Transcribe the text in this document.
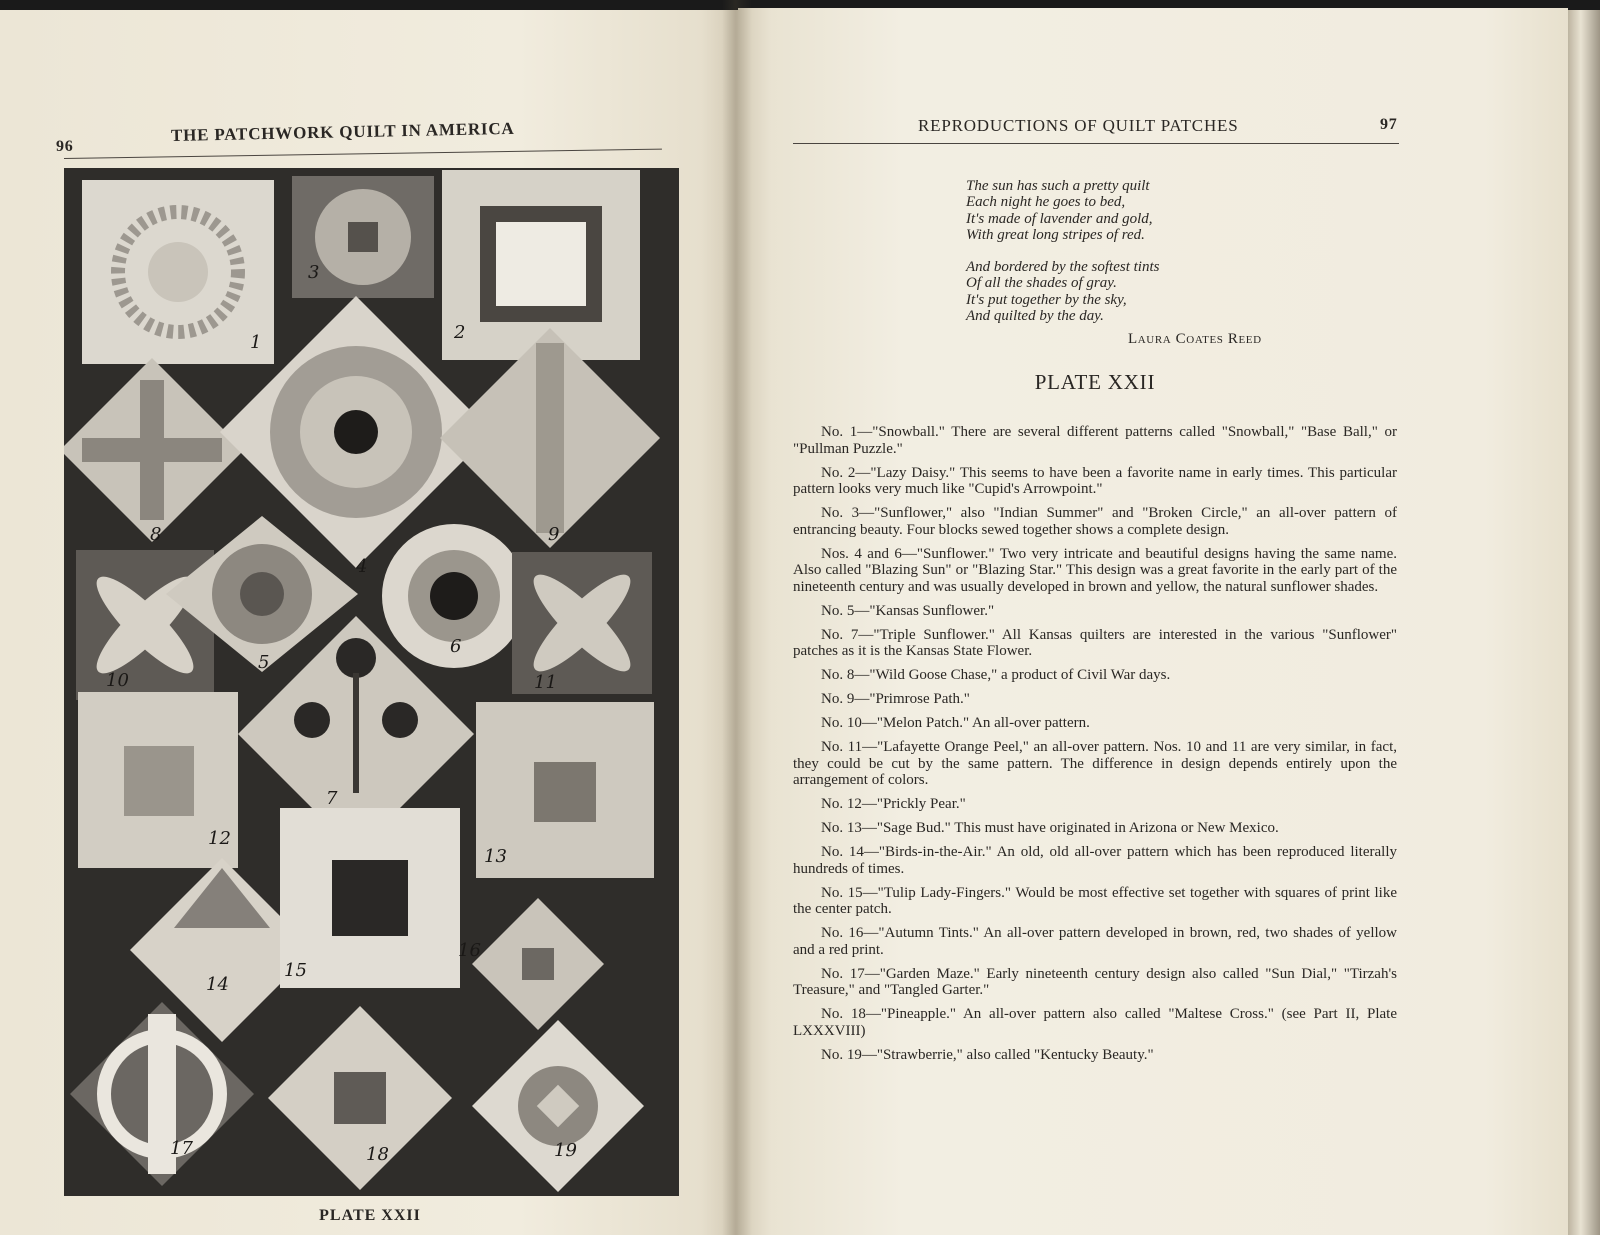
96
THE PATCHWORK QUILT IN AMERICA
1	2
3
4
5
6
7
8	9
10	11
12
13
14
15
16
17	18	19
PLATE XXII
REPRODUCTIONS OF QUILT PATCHES	97
The sun has such a pretty quilt
Each night he goes to bed,
It's made of lavender and gold,
With great long stripes of red.
And bordered by the softest tints
Of all the shades of gray.
It's put together by the sky,
And quilted by the day.
Laura Coates Reed
PLATE XXII

No. 1—"Snowball." There are several different patterns called "Snowball," "Base Ball," or "Pullman Puzzle."

No. 2—"Lazy Daisy." This seems to have been a favorite name in early times. This particular pattern looks very much like "Cupid's Arrowpoint."

No. 3—"Sunflower," also "Indian Summer" and "Broken Circle," an all-over pattern of entrancing beauty. Four blocks sewed together shows a complete design.

Nos. 4 and 6—"Sunflower." Two very intricate and beautiful designs having the same name. Also called "Blazing Sun" or "Blazing Star." This design was a great favorite in the early part of the nineteenth century and was usually developed in brown and yellow, the natural sunflower shades.

No. 5—"Kansas Sunflower."

No. 7—"Triple Sunflower." All Kansas quilters are interested in the various "Sunflower" patches as it is the Kansas State Flower.

No. 8—"Wild Goose Chase," a product of Civil War days.

No. 9—"Primrose Path."

No. 10—"Melon Patch." An all-over pattern.

No. 11—"Lafayette Orange Peel," an all-over pattern. Nos. 10 and 11 are very similar, in fact, they could be cut by the same pattern. The difference in design depends entirely upon the arrangement of colors.

No. 12—"Prickly Pear."

No. 13—"Sage Bud." This must have originated in Arizona or New Mexico.

No. 14—"Birds-in-the-Air." An old, old all-over pattern which has been reproduced literally hundreds of times.

No. 15—"Tulip Lady-Fingers." Would be most effective set together with squares of print like the center patch.

No. 16—"Autumn Tints." An all-over pattern developed in brown, red, two shades of yellow and a red print.

No. 17—"Garden Maze." Early nineteenth century design also called "Sun Dial," "Tirzah's Treasure," and "Tangled Garter."

No. 18—"Pineapple." An all-over pattern also called "Maltese Cross." (see Part II, Plate LXXXVIII)

No. 19—"Strawberrie," also called "Kentucky Beauty."
